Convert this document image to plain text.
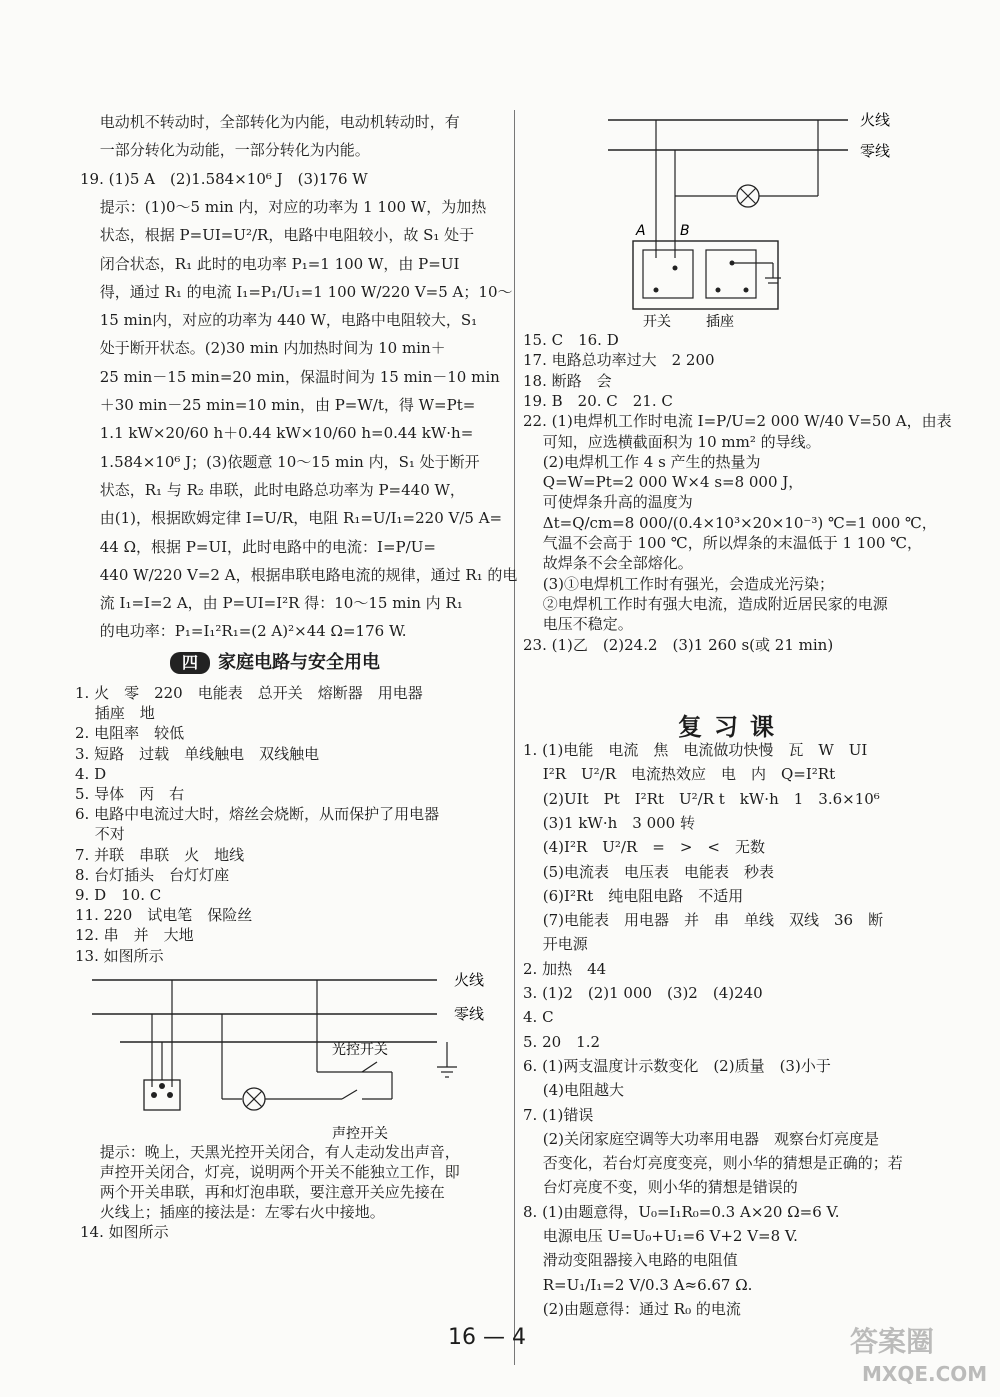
　 电动机不转动时，全部转化为内能，电动机转动时，有
　 一部分转化为动能，一部分转化为内能。
19. (1)5 A　(2)1.584×10⁶ J　(3)176 W
　 提示：(1)0～5 min 内，对应的功率为 1 100 W，为加热
　 状态，根据 P=UI=U²/R，电路中电阻较小，故 S₁ 处于
　 闭合状态，R₁ 此时的电功率 P₁=1 100 W，由 P=UI
　 得，通过 R₁ 的电流 I₁=P₁/U₁=1 100 W/220 V=5 A；10～
　 15 min内，对应的功率为 440 W，电路中电阻较大，S₁
　 处于断开状态。(2)30 min 内加热时间为 10 min＋
　 25 min－15 min=20 min，保温时间为 15 min－10 min
　 ＋30 min－25 min=10 min，由 P=W/t，得 W=Pt=
　 1.1 kW×20/60 h＋0.44 kW×10/60 h=0.44 kW·h=
　 1.584×10⁶ J；(3)依题意 10～15 min 内，S₁ 处于断开
　 状态，R₁ 与 R₂ 串联，此时电路总功率为 P=440 W，
　 由(1)，根据欧姆定律 I=U/R，电阻 R₁=U/I₁=220 V/5 A=
　 44 Ω，根据 P=UI，此时电路中的电流：I=P/U=
　 440 W/220 V=2 A，根据串联电路电流的规律，通过 R₁ 的电
　 流 I₁=I=2 A，由 P=UI=I²R 得：10～15 min 内 R₁
　 的电功率：P₁=I₁²R₁=(2 A)²×44 Ω=176 W.
四 家庭电路与安全用电
1. 火　零　220　电能表　总开关　熔断器　用电器
　 插座　地
2. 电阻率　较低
3. 短路　过载　单线触电　双线触电
4. D
5. 导体　丙　右
6. 电路中电流过大时，熔丝会烧断，从而保护了用电器
　 不对
7. 并联　串联　火　地线
8. 台灯插头　台灯灯座
9. D　10. C
11. 220　试电笔　保险丝
12. 串　并　大地
13. 如图所示
火线
零线
光控开关
声控开关
　 提示：晚上，天黑光控开关闭合，有人走动发出声音，
　 声控开关闭合，灯亮，说明两个开关不能独立工作，即
　 两个开关串联，再和灯泡串联，要注意开关应先接在
　 火线上；插座的接法是：左零右火中接地。
14. 如图所示
火线
零线
A B
开关	插座
15. C　16. D
17. 电路总功率过大　2 200
18. 断路　会
19. B　20. C　21. C
22. (1)电焊机工作时电流 I=P/U=2 000 W/40 V=50 A，由表
　 可知，应选横截面积为 10 mm² 的导线。
　 (2)电焊机工作 4 s 产生的热量为
　 Q=W=Pt=2 000 W×4 s=8 000 J，
　 可使焊条升高的温度为
　 Δt=Q/cm=8 000/(0.4×10³×20×10⁻³) ℃=1 000 ℃，
　 气温不会高于 100 ℃，所以焊条的末温低于 1 100 ℃，
　 故焊条不会全部熔化。
　 (3)①电焊机工作时有强光，会造成光污染；
　 ②电焊机工作时有强大电流，造成附近居民家的电源
　 电压不稳定。
23. (1)乙　(2)24.2　(3)1 260 s(或 21 min)
复习课
1. (1)电能　电流　焦　电流做功快慢　瓦　W　UI
　 I²R　U²/R　电流热效应　电　内　Q=I²Rt
　 (2)UIt　Pt　I²Rt　U²/R t　kW·h　1　3.6×10⁶
　 (3)1 kW·h　3 000 转
　 (4)I²R　U²/R　=　>　<　无数
　 (5)电流表　电压表　电能表　秒表
　 (6)I²Rt　纯电阻电路　不适用
　 (7)电能表　用电器　并　串　单线　双线　36　断
　 开电源
2. 加热　44
3. (1)2　(2)1 000　(3)2　(4)240
4. C
5. 20　1.2
6. (1)两支温度计示数变化　(2)质量　(3)小于
　 (4)电阻越大
7. (1)错误
　 (2)关闭家庭空调等大功率用电器　观察台灯亮度是
　 否变化，若台灯亮度变亮，则小华的猜想是正确的；若
　 台灯亮度不变，则小华的猜想是错误的
8. (1)由题意得，U₀=I₁R₀=0.3 A×20 Ω=6 V.
　 电源电压 U=U₀+U₁=6 V+2 V=8 V.
　 滑动变阻器接入电路的电阻值
　 R=U₁/I₁=2 V/0.3 A≈6.67 Ω.
　 (2)由题意得：通过 R₀ 的电流
16 — 4	答案圈
MXQE.COM
